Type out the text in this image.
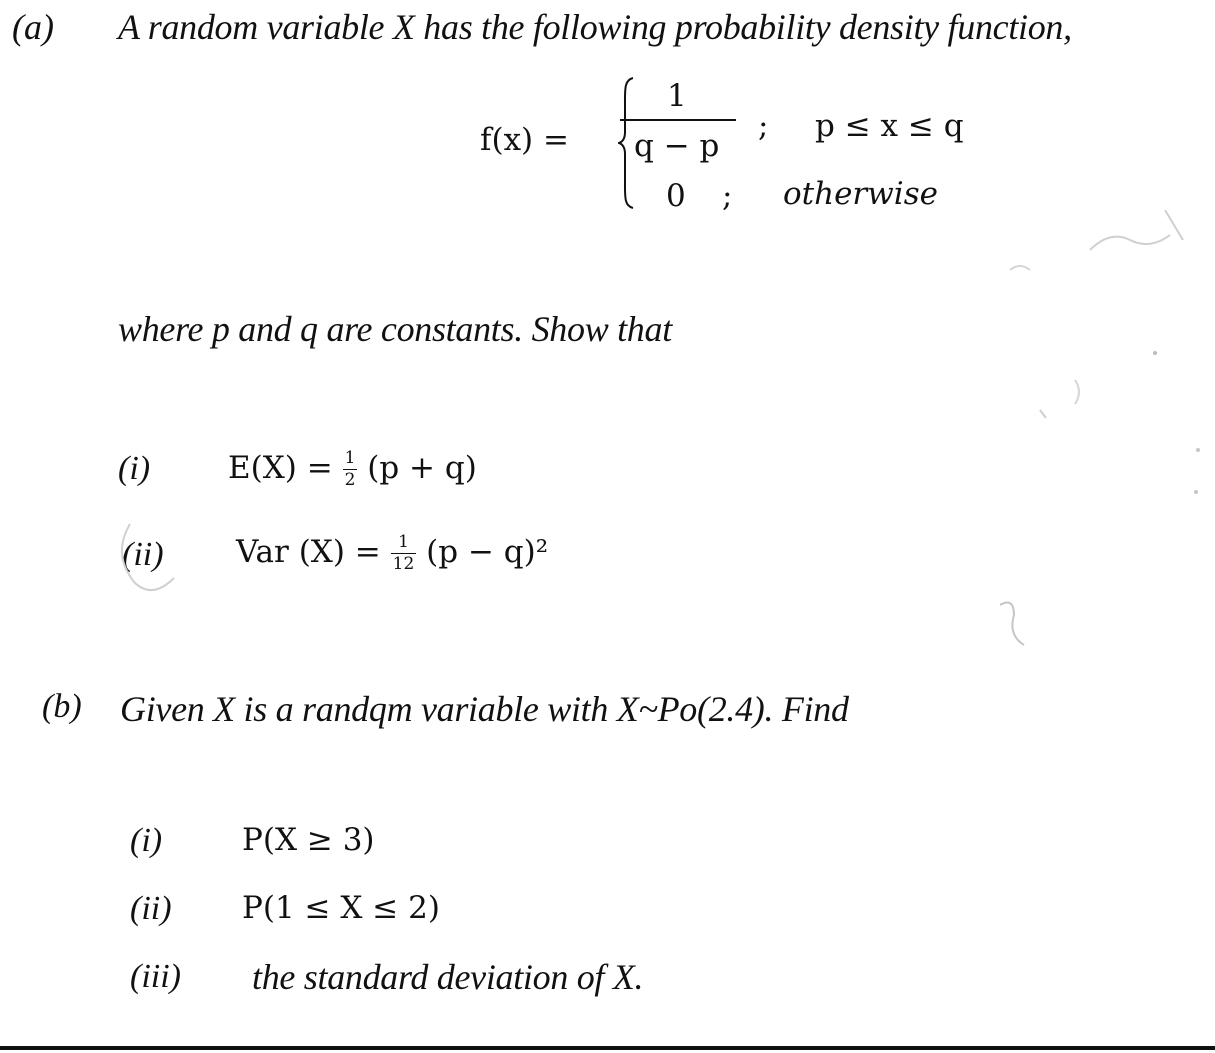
(a) A random variable X has the following probability density function,
f(x) =
1
q − p
; p ≤ x ≤ q
0 ; otherwise
where p and q are constants. Show that
(i)	$E(X) = \frac{1}{2} (p + q)$
(ii) Var $(X) = \frac{1}{12} (p - q)^2$
(b) Given X is a randqm variable with X~Po(2.4). Find
(i)	P(X ≥ 3)
(ii) P(1 ≤ X ≤ 2)
(iii) the standard deviation of X.
